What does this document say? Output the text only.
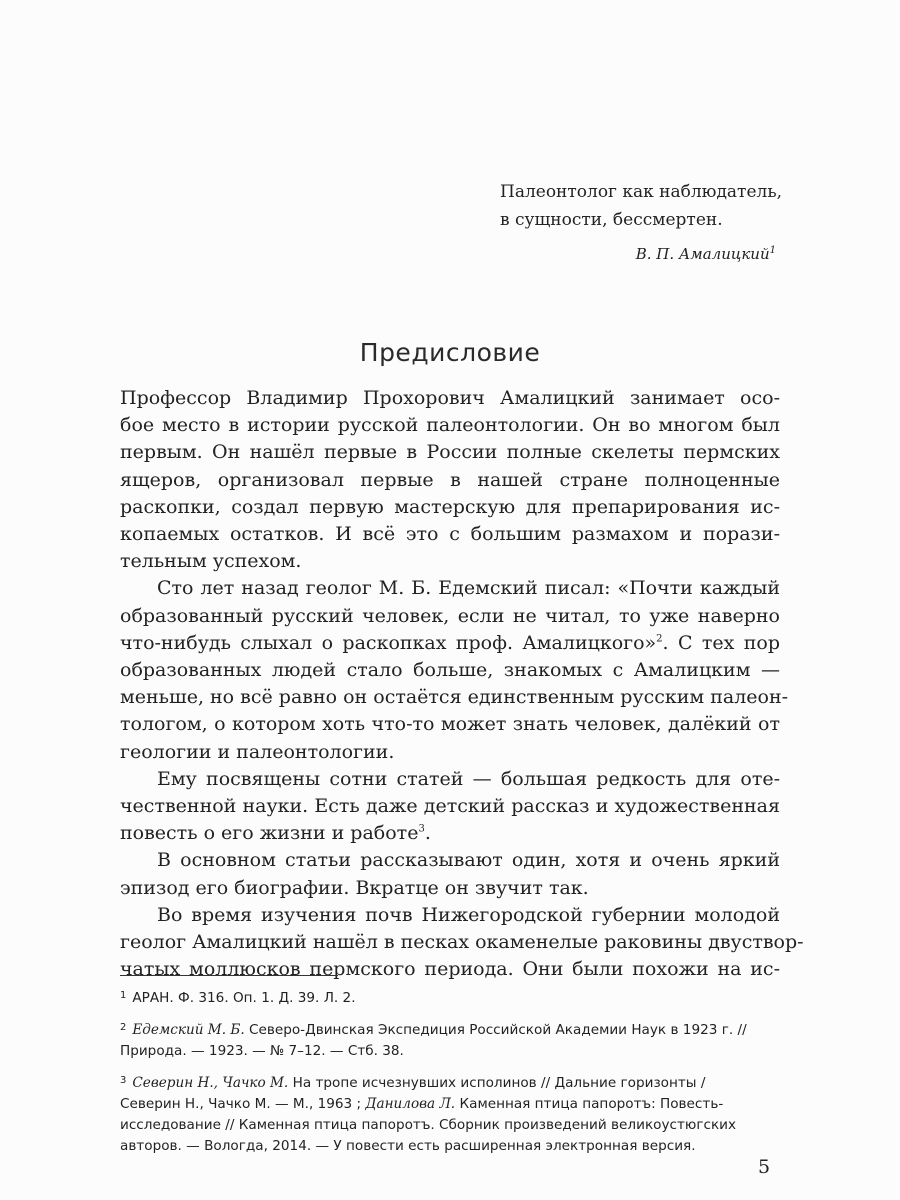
Палеонтолог как наблюдатель,
в сущности, бессмертен.
В. П. Амалицкий$^1$
Предисловие
Профессор Владимир Прохорович Амалицкий занимает осо-
бое место в истории русской палеонтологии. Он во многом был
первым. Он нашёл первые в России полные скелеты пермских
ящеров, организовал первые в нашей стране полноценные
раскопки, создал первую мастерскую для препарирования ис-
копаемых остатков. И всё это с большим размахом и порази-
тельным успехом.
Сто лет назад геолог М. Б. Едемский писал: «Почти каждый
образованный русский человек, если не читал, то уже наверно
что-нибудь слыхал о раскопках проф. Амалицкого»$^2$. С тех пор
образованных людей стало больше, знакомых с Амалицким —
меньше, но всё равно он остаётся единственным русским палеон-
тологом, о котором хоть что-то может знать человек, далёкий от
геологии и палеонтологии.
Ему посвящены сотни статей — большая редкость для оте-
чественной науки. Есть даже детский рассказ и художественная
повесть о его жизни и работе$^3$.
В основном статьи рассказывают один, хотя и очень яркий
эпизод его биографии. Вкратце он звучит так.
Во время изучения почв Нижегородской губернии молодой
геолог Амалицкий нашёл в песках окаменелые раковины двуствор-
чатых моллюсков пермского периода. Они были похожи на ис-
$^1$ АРАН. Ф. 316. Оп. 1. Д. 39. Л. 2.
$^2$ Едемский М. Б. Северо-Двинская Экспедиция Российской Академии Наук в 1923 г. //
Природа. — 1923. — № 7–12. — Стб. 38.
$^3$ Северин Н., Чачко М. На тропе исчезнувших исполинов // Дальние горизонты /
Северин Н., Чачко М. — М., 1963 ; Данилова Л. Каменная птица папоротъ: Повесть-
исследование // Каменная птица папоротъ. Сборник произведений великоустюгских
авторов. — Вологда, 2014. — У повести есть расширенная электронная версия.
5
